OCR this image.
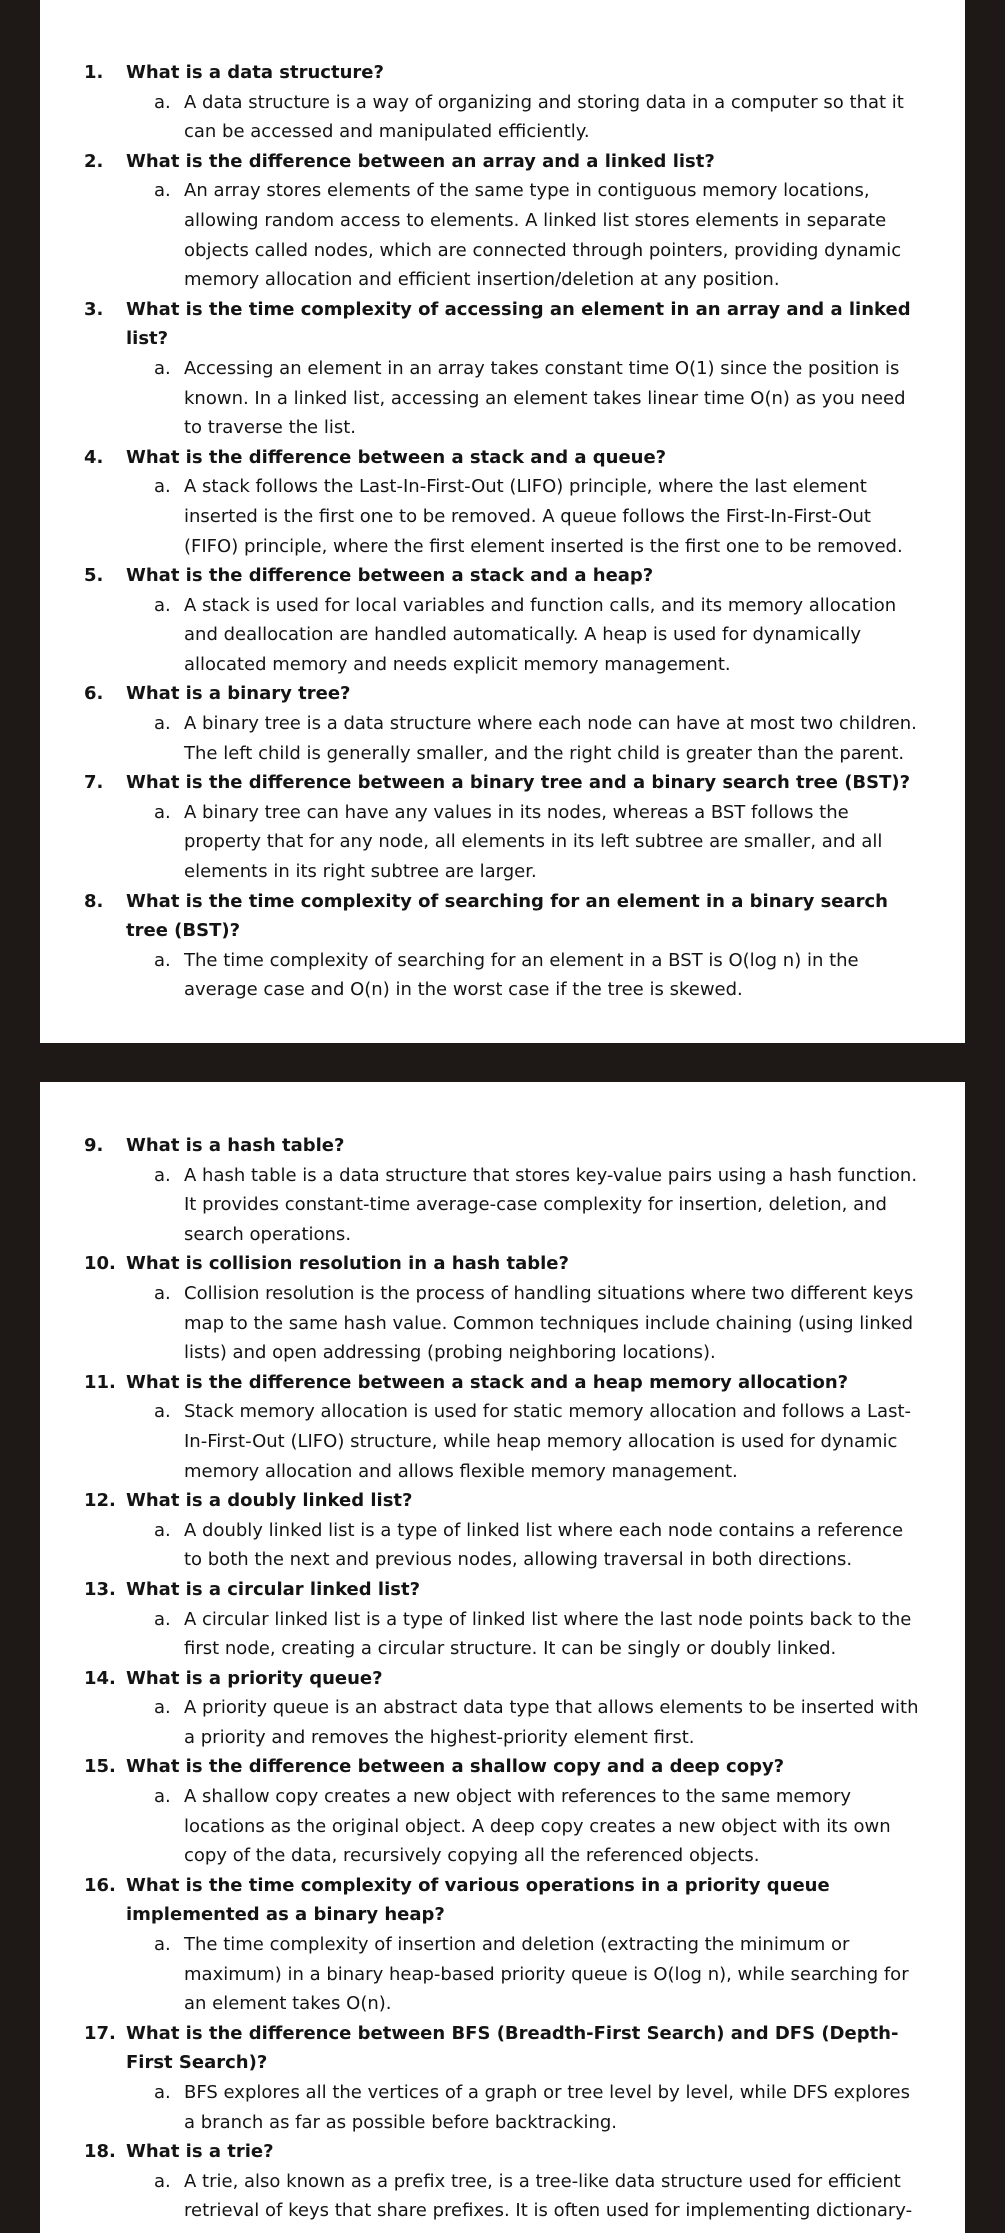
1. What is a data structure?

a. A data structure is a way of organizing and storing data in a computer so that it can be accessed and manipulated efficiently.

2. What is the difference between an array and a linked list?

a. An array stores elements of the same type in contiguous memory locations, allowing random access to elements. A linked list stores elements in separate objects called nodes, which are connected through pointers, providing dynamic memory allocation and efficient insertion/deletion at any position.

3. What is the time complexity of accessing an element in an array and a linked list?

a. Accessing an element in an array takes constant time O(1) since the position is known. In a linked list, accessing an element takes linear time O(n) as you need to traverse the list.

4. What is the difference between a stack and a queue?

a. A stack follows the Last-In-First-Out (LIFO) principle, where the last element inserted is the first one to be removed. A queue follows the First-In-First-Out (FIFO) principle, where the first element inserted is the first one to be removed.

5. What is the difference between a stack and a heap?

a. A stack is used for local variables and function calls, and its memory allocation and deallocation are handled automatically. A heap is used for dynamically allocated memory and needs explicit memory management.

6. What is a binary tree?

a. A binary tree is a data structure where each node can have at most two children. The left child is generally smaller, and the right child is greater than the parent.

7. What is the difference between a binary tree and a binary search tree (BST)?

a. A binary tree can have any values in its nodes, whereas a BST follows the property that for any node, all elements in its left subtree are smaller, and all elements in its right subtree are larger.

8. What is the time complexity of searching for an element in a binary search tree (BST)?

a. The time complexity of searching for an element in a BST is O(log n) in the average case and O(n) in the worst case if the tree is skewed.

9. What is a hash table?

a. A hash table is a data structure that stores key-value pairs using a hash function. It provides constant-time average-case complexity for insertion, deletion, and search operations.

10. What is collision resolution in a hash table?

a. Collision resolution is the process of handling situations where two different keys map to the same hash value. Common techniques include chaining (using linked lists) and open addressing (probing neighboring locations).

11. What is the difference between a stack and a heap memory allocation?

a. Stack memory allocation is used for static memory allocation and follows a Last-In-First-Out (LIFO) structure, while heap memory allocation is used for dynamic memory allocation and allows flexible memory management.

12. What is a doubly linked list?

a. A doubly linked list is a type of linked list where each node contains a reference to both the next and previous nodes, allowing traversal in both directions.

13. What is a circular linked list?

a. A circular linked list is a type of linked list where the last node points back to the first node, creating a circular structure. It can be singly or doubly linked.

14. What is a priority queue?

a. A priority queue is an abstract data type that allows elements to be inserted with a priority and removes the highest-priority element first.

15. What is the difference between a shallow copy and a deep copy?

a. A shallow copy creates a new object with references to the same memory locations as the original object. A deep copy creates a new object with its own copy of the data, recursively copying all the referenced objects.

16. What is the time complexity of various operations in a priority queue implemented as a binary heap?

a. The time complexity of insertion and deletion (extracting the minimum or maximum) in a binary heap-based priority queue is O(log n), while searching for an element takes O(n).

17. What is the difference between BFS (Breadth-First Search) and DFS (Depth-First Search)?

a. BFS explores all the vertices of a graph or tree level by level, while DFS explores a branch as far as possible before backtracking.

18. What is a trie?

a. A trie, also known as a prefix tree, is a tree-like data structure used for efficient retrieval of keys that share prefixes. It is often used for implementing dictionary-
